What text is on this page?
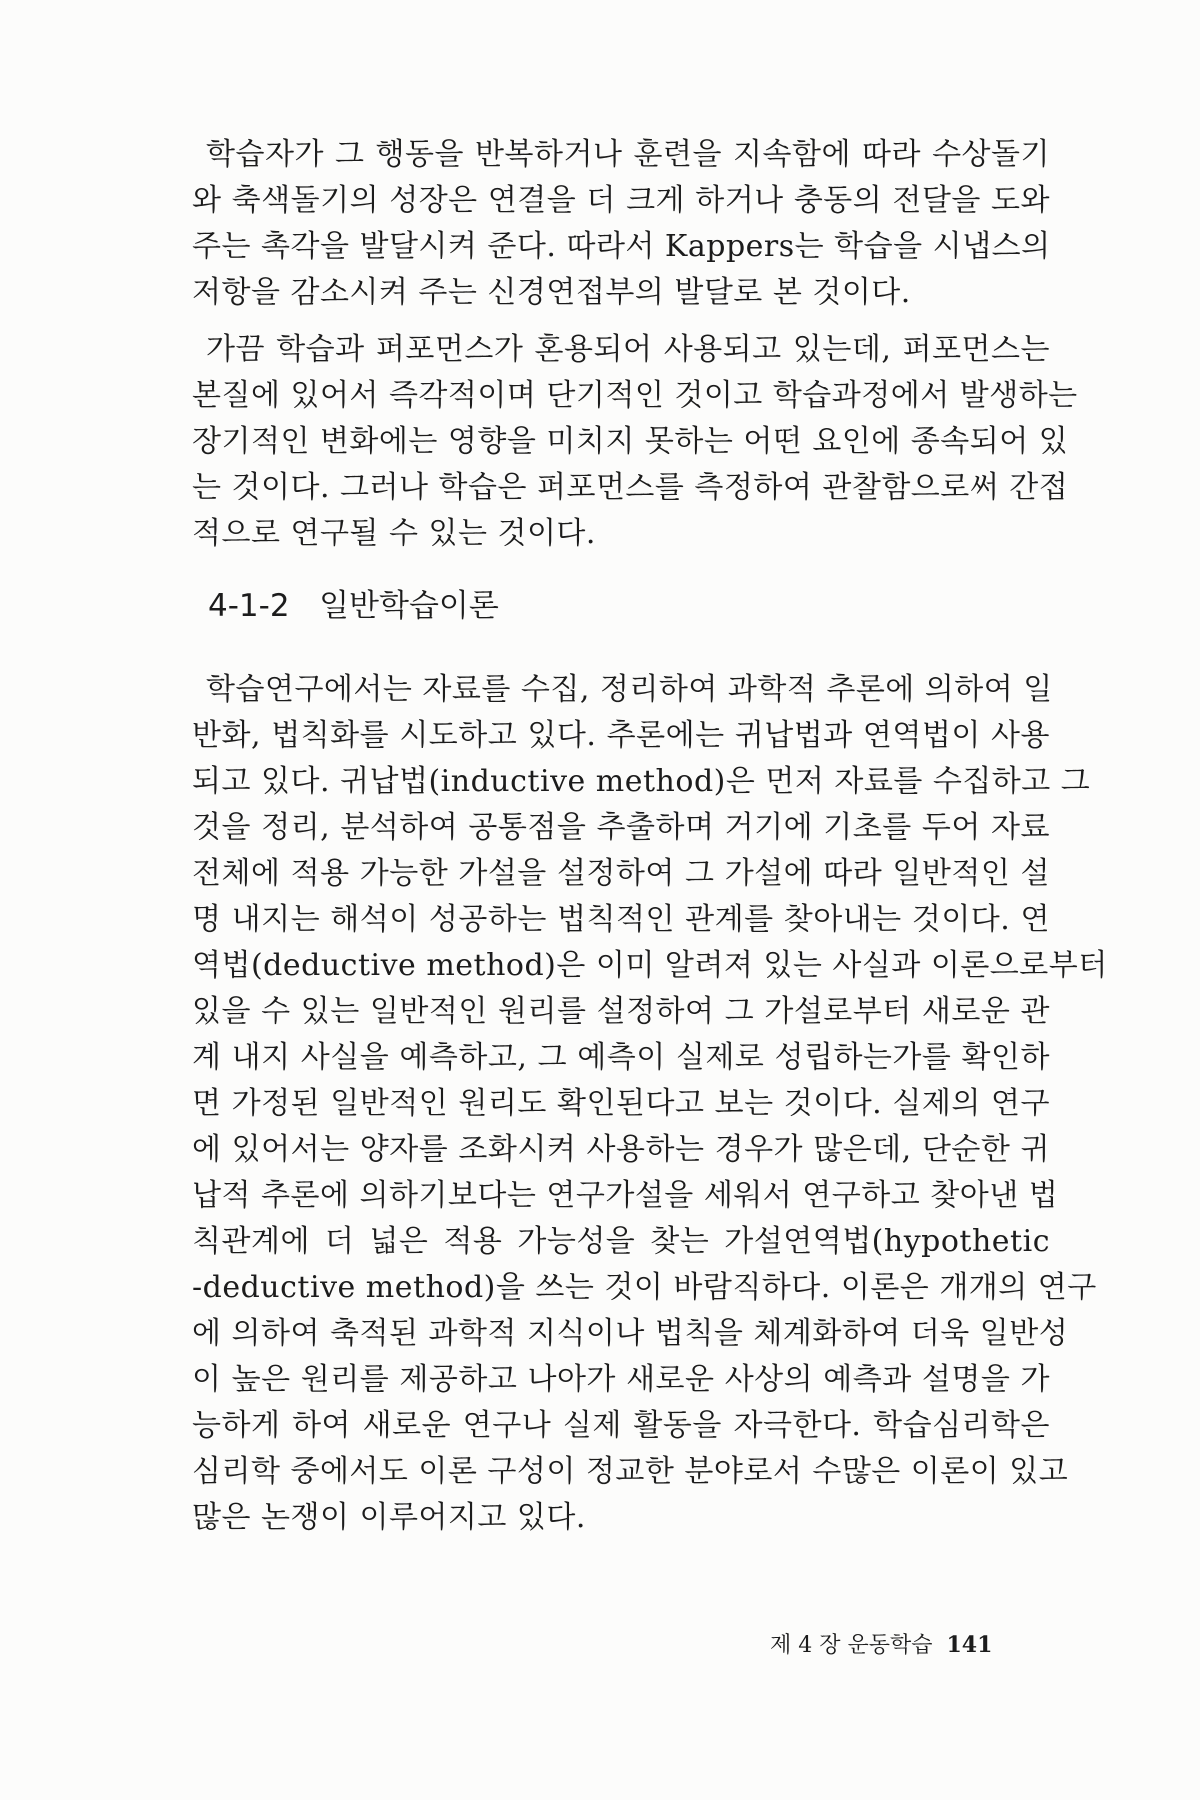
학습자가 그 행동을 반복하거나 훈련을 지속함에 따라 수상돌기
와 축색돌기의 성장은 연결을 더 크게 하거나 충동의 전달을 도와
주는 촉각을 발달시켜 준다. 따라서 Kappers는 학습을 시냅스의
저항을 감소시켜 주는 신경연접부의 발달로 본 것이다.
가끔 학습과 퍼포먼스가 혼용되어 사용되고 있는데, 퍼포먼스는
본질에 있어서 즉각적이며 단기적인 것이고 학습과정에서 발생하는
장기적인 변화에는 영향을 미치지 못하는 어떤 요인에 종속되어 있
는 것이다. 그러나 학습은 퍼포먼스를 측정하여 관찰함으로써 간접
적으로 연구될 수 있는 것이다.
4-1-2 일반학습이론
학습연구에서는 자료를 수집, 정리하여 과학적 추론에 의하여 일
반화, 법칙화를 시도하고 있다. 추론에는 귀납법과 연역법이 사용
되고 있다. 귀납법(inductive method)은 먼저 자료를 수집하고 그
것을 정리, 분석하여 공통점을 추출하며 거기에 기초를 두어 자료
전체에 적용 가능한 가설을 설정하여 그 가설에 따라 일반적인 설
명 내지는 해석이 성공하는 법칙적인 관계를 찾아내는 것이다. 연
역법(deductive method)은 이미 알려져 있는 사실과 이론으로부터
있을 수 있는 일반적인 원리를 설정하여 그 가설로부터 새로운 관
계 내지 사실을 예측하고, 그 예측이 실제로 성립하는가를 확인하
면 가정된 일반적인 원리도 확인된다고 보는 것이다. 실제의 연구
에 있어서는 양자를 조화시켜 사용하는 경우가 많은데, 단순한 귀
납적 추론에 의하기보다는 연구가설을 세워서 연구하고 찾아낸 법
칙관계에 더 넓은 적용 가능성을 찾는 가설연역법(hypothetic
-deductive method)을 쓰는 것이 바람직하다. 이론은 개개의 연구
에 의하여 축적된 과학적 지식이나 법칙을 체계화하여 더욱 일반성
이 높은 원리를 제공하고 나아가 새로운 사상의 예측과 설명을 가
능하게 하여 새로운 연구나 실제 활동을 자극한다. 학습심리학은
심리학 중에서도 이론 구성이 정교한 분야로서 수많은 이론이 있고
많은 논쟁이 이루어지고 있다.
제 4 장 운동학습 141
